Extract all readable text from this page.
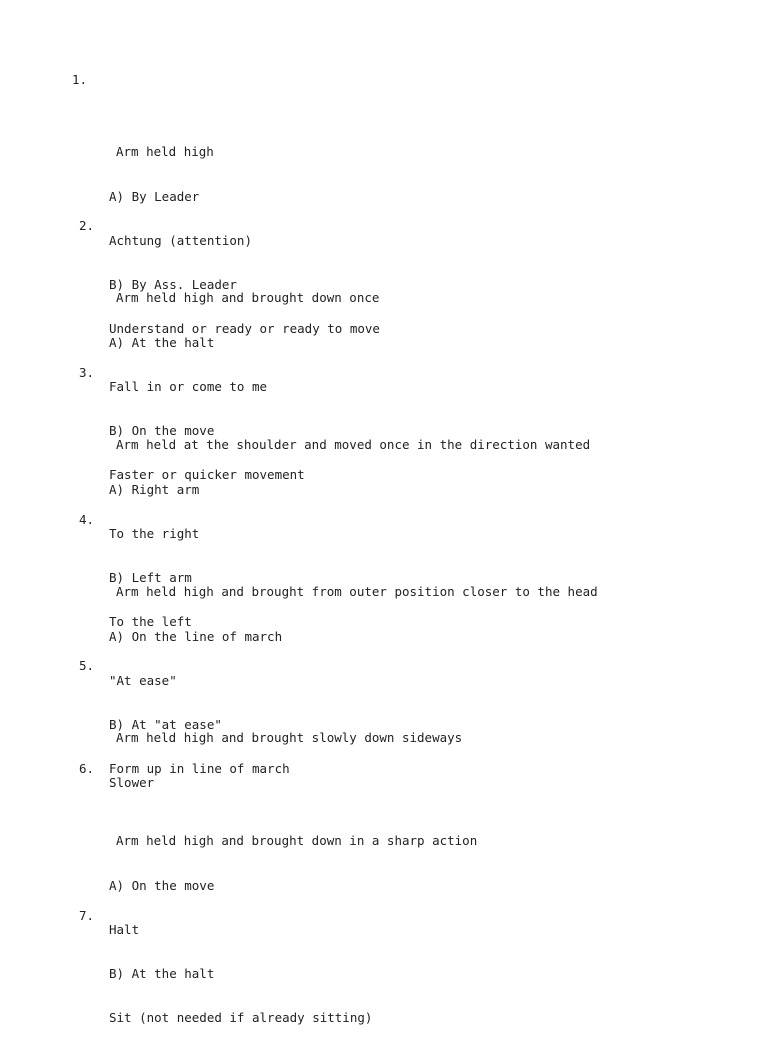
1.

Arm held high

A) By Leader

Achtung (attention)

B) By Ass. Leader

Understand or ready or ready to move

2.

Arm held high and brought down once

A) At the halt

Fall in or come to me

B) On the move

Faster or quicker movement

3.

Arm held at the shoulder and moved once in the direction wanted

A) Right arm

To the right

B) Left arm

To the left

4.

Arm held high and brought from outer position closer to the head

A) On the line of march

"At ease"

B) At "at ease"

Form up in line of march

5.

Arm held high and brought slowly down sideways

Slower

6.

Arm held high and brought down in a sharp action

A) On the move

Halt

B) At the halt

Sit (not needed if already sitting)

7.
